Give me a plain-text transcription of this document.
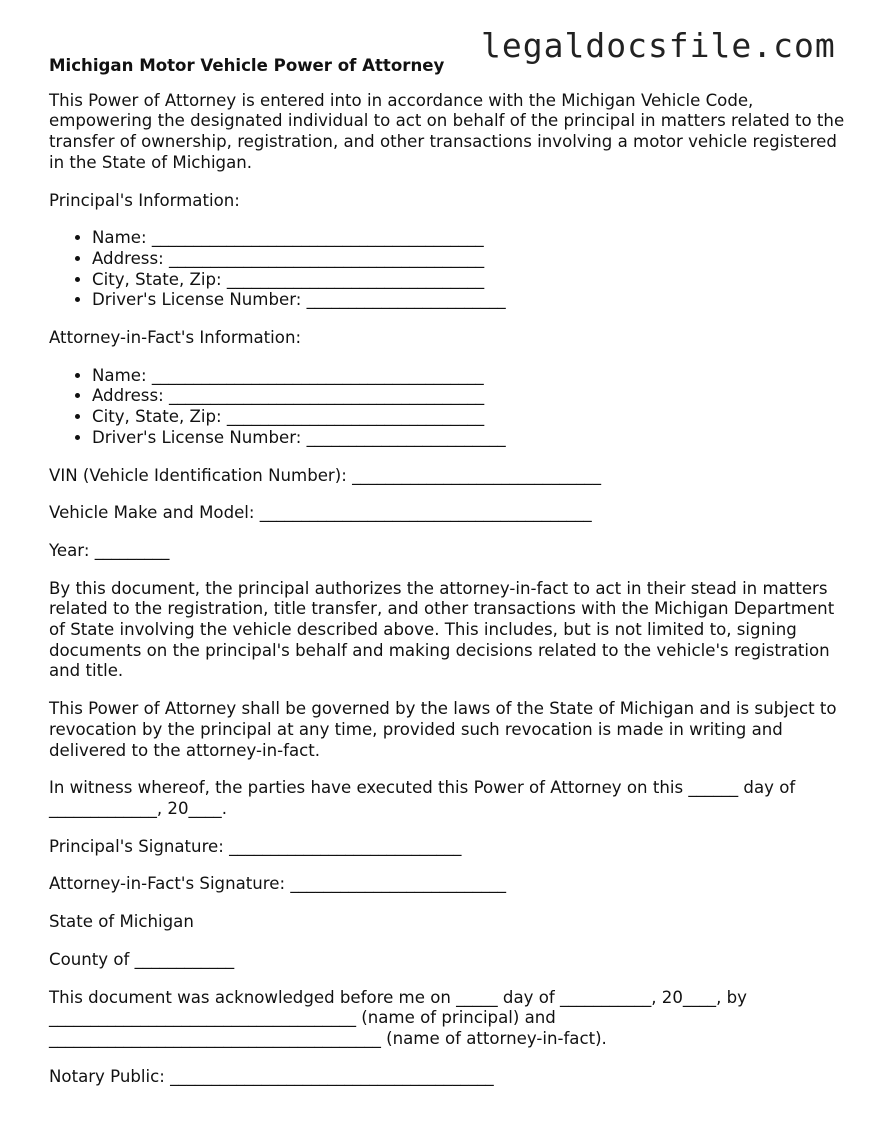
legaldocsfile.com
Michigan Motor Vehicle Power of Attorney

This Power of Attorney is entered into in accordance with the Michigan Vehicle Code, empowering the designated individual to act on behalf of the principal in matters related to the transfer of ownership, registration, and other transactions involving a motor vehicle registered in the State of Michigan.

Principal's Information:

• Name: ________________________________________
• Address: ______________________________________
• City, State, Zip: _______________________________
• Driver's License Number: ________________________

Attorney-in-Fact's Information:

• Name: ________________________________________
• Address: ______________________________________
• City, State, Zip: _______________________________
• Driver's License Number: ________________________

VIN (Vehicle Identification Number): ______________________________

Vehicle Make and Model: ________________________________________

Year: _________

By this document, the principal authorizes the attorney-in-fact to act in their stead in matters related to the registration, title transfer, and other transactions with the Michigan Department of State involving the vehicle described above. This includes, but is not limited to, signing documents on the principal's behalf and making decisions related to the vehicle's registration and title.

This Power of Attorney shall be governed by the laws of the State of Michigan and is subject to revocation by the principal at any time, provided such revocation is made in writing and delivered to the attorney-in-fact.

In witness whereof, the parties have executed this Power of Attorney on this ______ day of
_____________, 20____.

Principal's Signature: ____________________________

Attorney-in-Fact's Signature: __________________________

State of Michigan

County of ____________

This document was acknowledged before me on _____ day of ___________, 20____, by
_____________________________________ (name of principal) and
________________________________________ (name of attorney-in-fact).

Notary Public: _______________________________________
